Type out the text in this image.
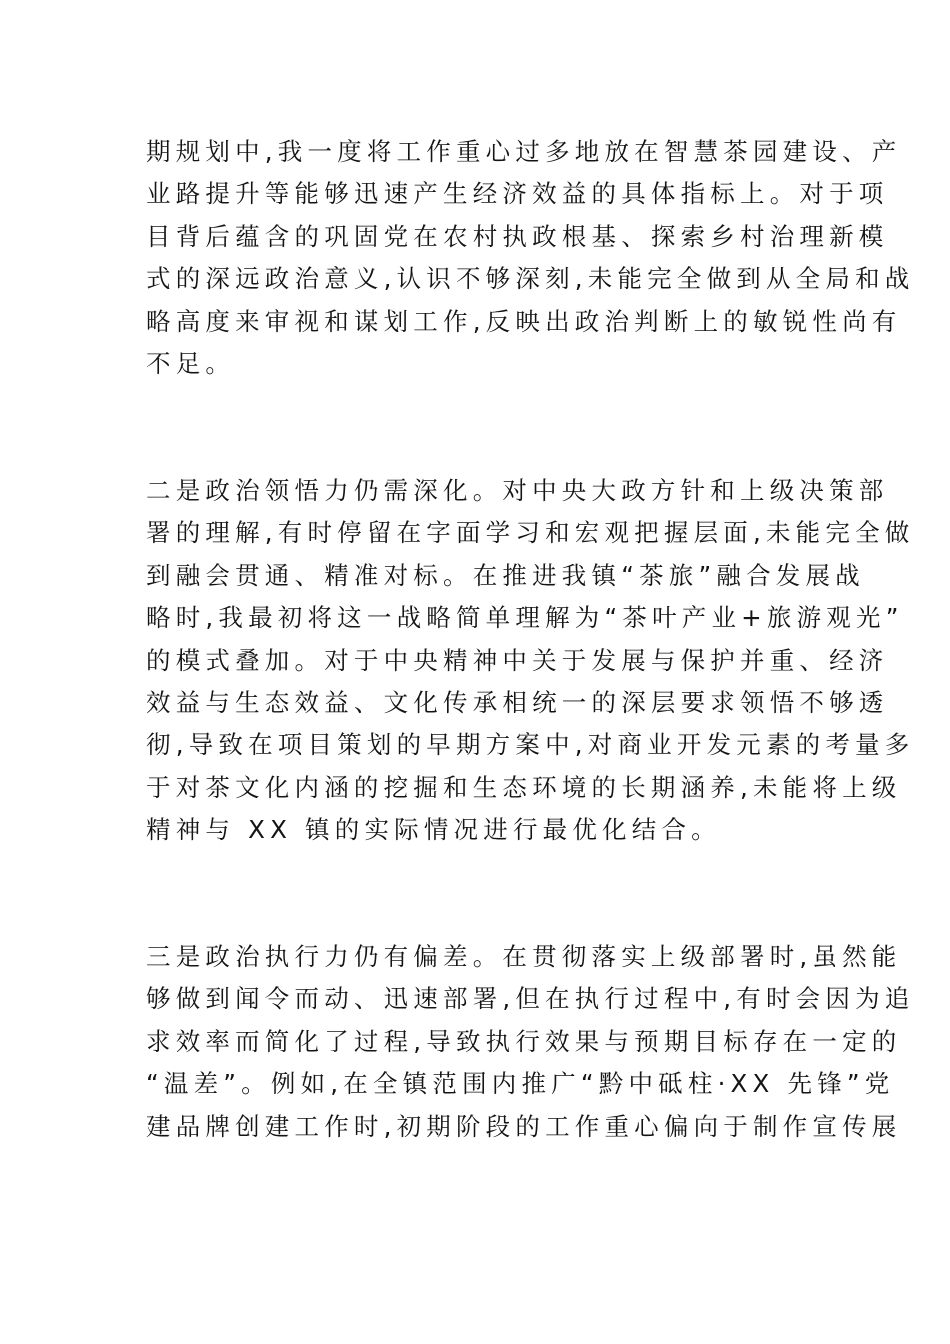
期规划中,我一度将工作重心过多地放在智慧茶园建设、产
业路提升等能够迅速产生经济效益的具体指标上。对于项
目背后蕴含的巩固党在农村执政根基、探索乡村治理新模
式的深远政治意义,认识不够深刻,未能完全做到从全局和战
略高度来审视和谋划工作,反映出政治判断上的敏锐性尚有
不足。
二是政治领悟力仍需深化。对中央大政方针和上级决策部
署的理解,有时停留在字面学习和宏观把握层面,未能完全做
到融会贯通、精准对标。在推进我镇“茶旅”融合发展战
略时,我最初将这一战略简单理解为“茶叶产业+旅游观光”
的模式叠加。对于中央精神中关于发展与保护并重、经济
效益与生态效益、文化传承相统一的深层要求领悟不够透
彻,导致在项目策划的早期方案中,对商业开发元素的考量多
于对茶文化内涵的挖掘和生态环境的长期涵养,未能将上级
精神与 XX 镇的实际情况进行最优化结合。
三是政治执行力仍有偏差。在贯彻落实上级部署时,虽然能
够做到闻令而动、迅速部署,但在执行过程中,有时会因为追
求效率而简化了过程,导致执行效果与预期目标存在一定的
“温差”。例如,在全镇范围内推广“黔中砥柱·XX 先锋”党
建品牌创建工作时,初期阶段的工作重心偏向于制作宣传展
